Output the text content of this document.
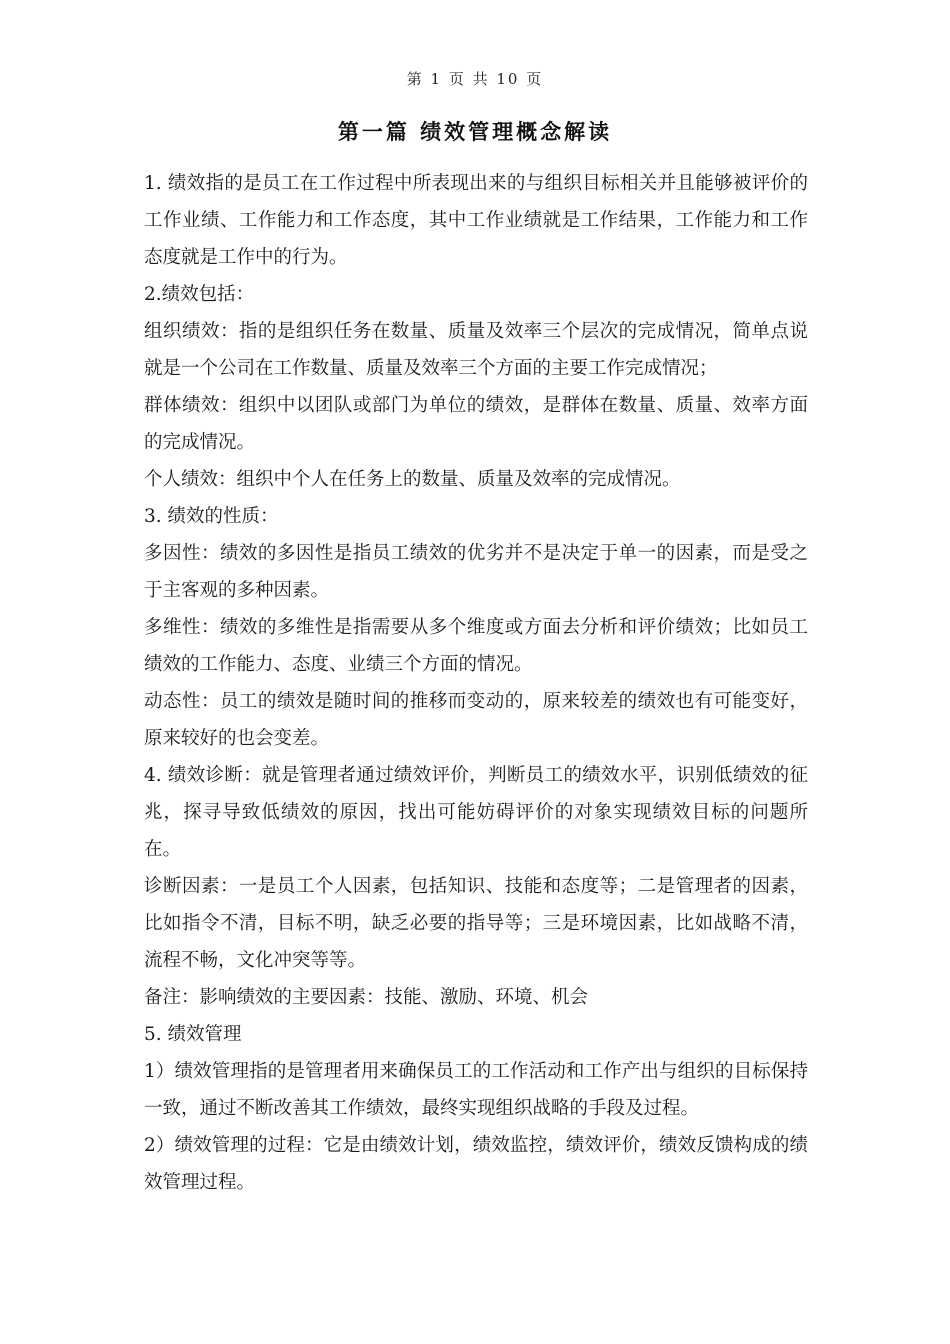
第 1 页 共 10 页
第一篇 绩效管理概念解读

1. 绩效指的是员工在工作过程中所表现出来的与组织目标相关并且能够被评价的工作业绩、工作能力和工作态度，其中工作业绩就是工作结果，工作能力和工作态度就是工作中的行为。

2.绩效包括：

组织绩效：指的是组织任务在数量、质量及效率三个层次的完成情况，简单点说就是一个公司在工作数量、质量及效率三个方面的主要工作完成情况；

群体绩效：组织中以团队或部门为单位的绩效，是群体在数量、质量、效率方面的完成情况。

个人绩效：组织中个人在任务上的数量、质量及效率的完成情况。

3. 绩效的性质：

多因性：绩效的多因性是指员工绩效的优劣并不是决定于单一的因素，而是受之于主客观的多种因素。

多维性：绩效的多维性是指需要从多个维度或方面去分析和评价绩效；比如员工绩效的工作能力、态度、业绩三个方面的情况。

动态性：员工的绩效是随时间的推移而变动的，原来较差的绩效也有可能变好，原来较好的也会变差。

4. 绩效诊断：就是管理者通过绩效评价，判断员工的绩效水平，识别低绩效的征兆，探寻导致低绩效的原因，找出可能妨碍评价的对象实现绩效目标的问题所在。

诊断因素：一是员工个人因素，包括知识、技能和态度等；二是管理者的因素，比如指令不清，目标不明，缺乏必要的指导等；三是环境因素，比如战略不清，流程不畅，文化冲突等等。

备注：影响绩效的主要因素：技能、激励、环境、机会

5. 绩效管理

1）绩效管理指的是管理者用来确保员工的工作活动和工作产出与组织的目标保持一致，通过不断改善其工作绩效，最终实现组织战略的手段及过程。

2）绩效管理的过程：它是由绩效计划，绩效监控，绩效评价，绩效反馈构成的绩效管理过程。
